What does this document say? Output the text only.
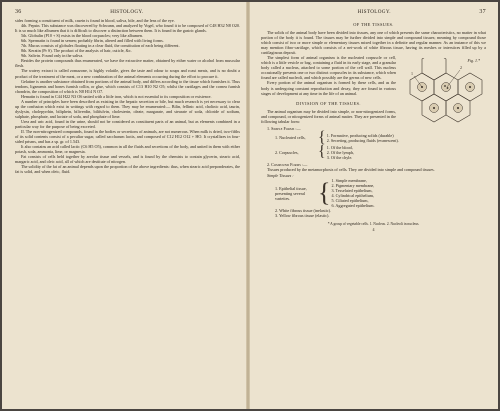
36	HISTOLOGY.

sides forming a constituent of milk, casein is found in blood, saliva, bile, and the lens of the eye.

4th. Pepsin. This substance was discovered by Schwann, and analyzed by Vogel, who found it to be composed of C48 H32 N8 O20. It is so much like albumen that it is difficult to discover a distinction between them. It is found in the gastric glands.

5th. Globulin (P10 + S) exists in the blood corpuscles; very like albumen.

6th. Spermatin is found in semen; probably fibrin, altered and filled with living forms.

7th. Mucus consists of globules floating in a clear fluid, the constitution of each being different.

8th. Keratin (Pr S). The product of the analysis of hair, cuticle, &c.

9th. Salivin. Found only in the saliva.

Besides the protein compounds thus enumerated, we have the extractive matter, obtained by either water or alcohol from muscular flesh.

The watery extract is called zomazone, is highly volatile, gives the taste and odour to soups and roast meats, and is no doubt a product of the treatment of the meat, or a new combination of the animal elements occurring during the effort to procure it.

Gelatine is another substance obtained from portions of the animal body, and differs according to the tissue which furnishes it. Thus tendons, ligaments and bones furnish collin, or glue, which consists of C13 H10 N2 O5; whilst the cartilages and the cornea furnish chondrin, the composition of which is N8 H14 N O7.

Hematin is found in C44 H22 N3 O6 united with a little iron, which is not essential to its composition or existence.

A number of principles have been described as existing in the hepatic secretion or bile, but much research is yet necessary to clear up the confusion which exist in writings with regard to them. They may be enumerated:— Bilin, fellinic acid, cholinic acid, taurin, dyslysin, cholepyrrhin, biliphein, biliverdin, bilifulvin, cholesterin, oleate, margarate, and stearate of soda, chloride of sodium, sulphate, phosphate, and lactate of soda, and phosphate of lime.

Urea and uric acid, found in the urine, should not be considered as constituent parts of an animal, but as elements combined in a particular way for the purpose of being excreted.

II. The non-nitrogenized compounds, found in the bodies or secretions of animals, are not numerous. When milk is dried, two-fifths of its solid contents consist of a peculiar sugar, called saccharum lactis, and composed of C12 H12 O12 + HO. It crystallizes in four-sided prisms, and has a sp. gr. of 1.543.

It also contains an acid called lactic (C6 H5 O5), common in all the fluids and secretions of the body, and united in them with either potash, soda, ammonia, lime, or magnesia.

Fat consists of cells held together by areolar tissue and vessels, and is found by the chemists to contain glycerin, stearic acid, margaric acid, and oleic acid, all of which are destitute of nitrogen.

The solidity of the fat of an animal depends upon the proportion of the above ingredients: thus, when stearic acid preponderates, the fat is solid, and when oleic, fluid.

HISTOLOGY.	37
OF THE TISSUES.

The solids of the animal body have been divided into tissues, any one of which presents the same characteristics, no matter in what portion of the body it is found. The tissues may be further divided into simple and compound tissues; meaning by compound those which consist of two or more simple or elementary tissues mixed together in a definite and regular manner. As an instance of this we may mention fibro-cartilage, which consists of a net-work of white fibrous tissue, having its meshes or interstices filled up by a cartilaginous deposit.

Fig. 1.*
1
2

The simplest form of animal organism is the nucleated corpuscle or cell, which is a little vesicle or bag, containing a fluid in its early stage, and a granular body called a nucleus, attached to some portion of the cell wall. This nucleus occasionally presents one or two distinct corpuscles in its substance, which when found are called nucleoli, and which possibly are the germs of new cells.

Every portion of the animal organism is formed by these cells, and as the body is undergoing constant reproduction and decay, they are found in various stages of development at any time in the life of an animal.

DIVISION OF THE TISSUES.

The animal organism may be divided into simple, or non-nitrogenized forms, and compound, or nitrogenized forms of animal matter. They are presented in the following tabular form:

1. Simple Forms :—
1. Nucleated cells, { 1. Formative, producing solids (durable)
2. Secreting, producing fluids (evanescent).
2. Corpuscles,	{ 1. Of the blood,
2. Of the lymph,
3. Of the chyle.
2. Compound Forms :—

Tissues produced by the metamorphosis of cells. They are divided into simple and compound tissues.

Simple Tissues :
1. Epithelial tissue, presenting several varieties.	{ 1. Simple membrane,
2. Pigmentary membrane,
3. Tesselated epithelium,
4. Cylindrical epithelium,
5. Ciliated epithelium,
6. Aggregated epithelium.
2. White fibrous tissue (inelastic).
3. Yellow fibrous tissue (elastic).
* A group of vegetable cells. 1. Nucleus. 2. Nucleoli in nucleus.
4
